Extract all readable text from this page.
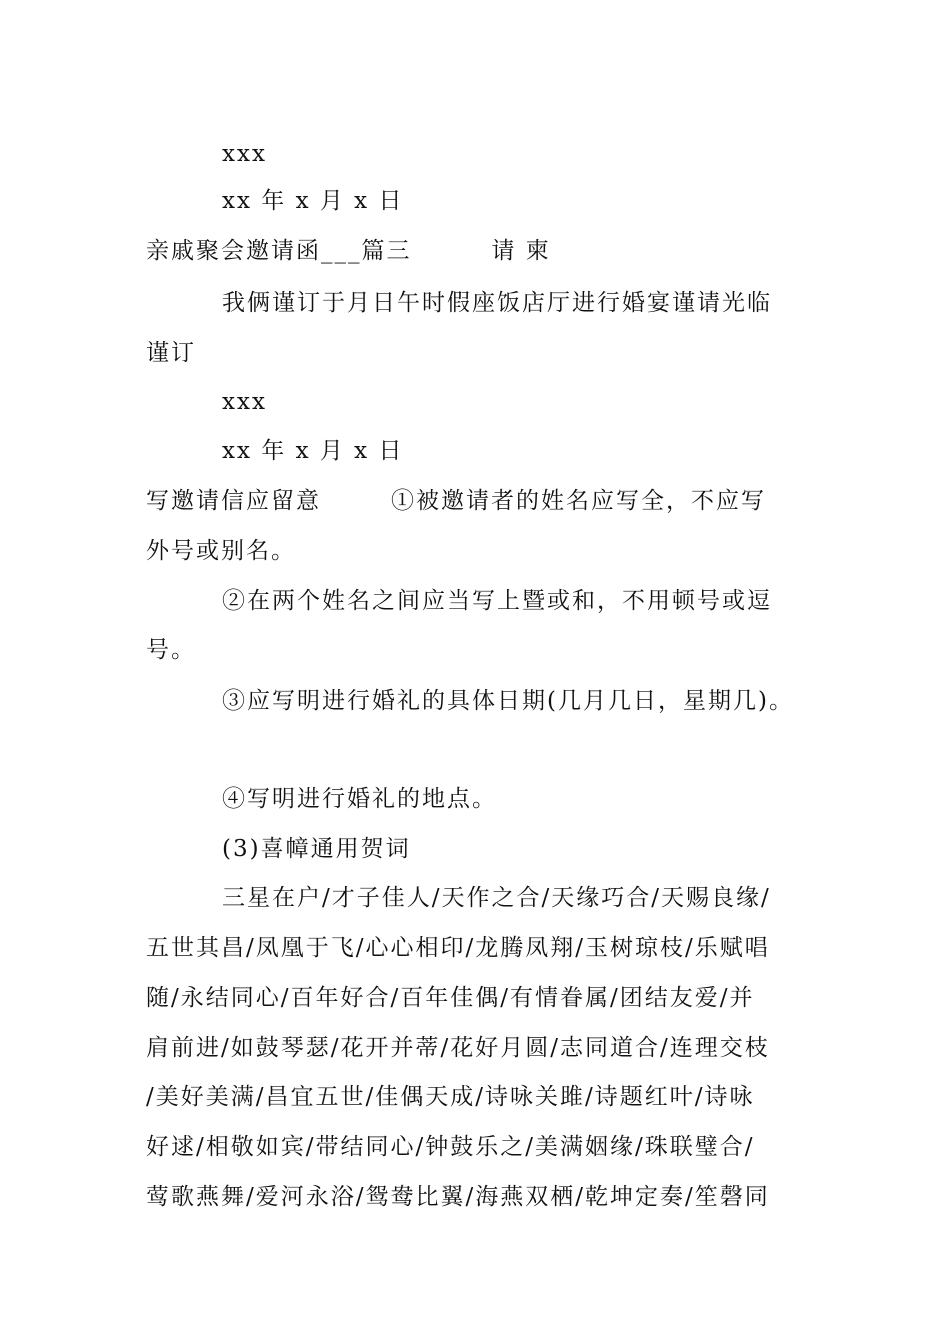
xxx
xx 年 x 月 x 日
亲戚聚会邀请函___篇三	请 柬
我俩谨订于月日午时假座饭店厅进行婚宴谨请光临
谨订
xxx
xx 年 x 月 x 日
写邀请信应留意	①被邀请者的姓名应写全，不应写
外号或别名。
②在两个姓名之间应当写上暨或和，不用顿号或逗
号。
③应写明进行婚礼的具体日期(几月几日，星期几)。
④写明进行婚礼的地点。
(3)喜幛通用贺词
三星在户/才子佳人/天作之合/天缘巧合/天赐良缘/
五世其昌/凤凰于飞/心心相印/龙腾凤翔/玉树琼枝/乐赋唱
随/永结同心/百年好合/百年佳偶/有情眷属/团结友爱/并
肩前进/如鼓琴瑟/花开并蒂/花好月圆/志同道合/连理交枝
/美好美满/昌宜五世/佳偶天成/诗咏关雎/诗题红叶/诗咏
好逑/相敬如宾/带结同心/钟鼓乐之/美满姻缘/珠联璧合/
莺歌燕舞/爱河永浴/鸳鸯比翼/海燕双栖/乾坤定奏/笙磬同
